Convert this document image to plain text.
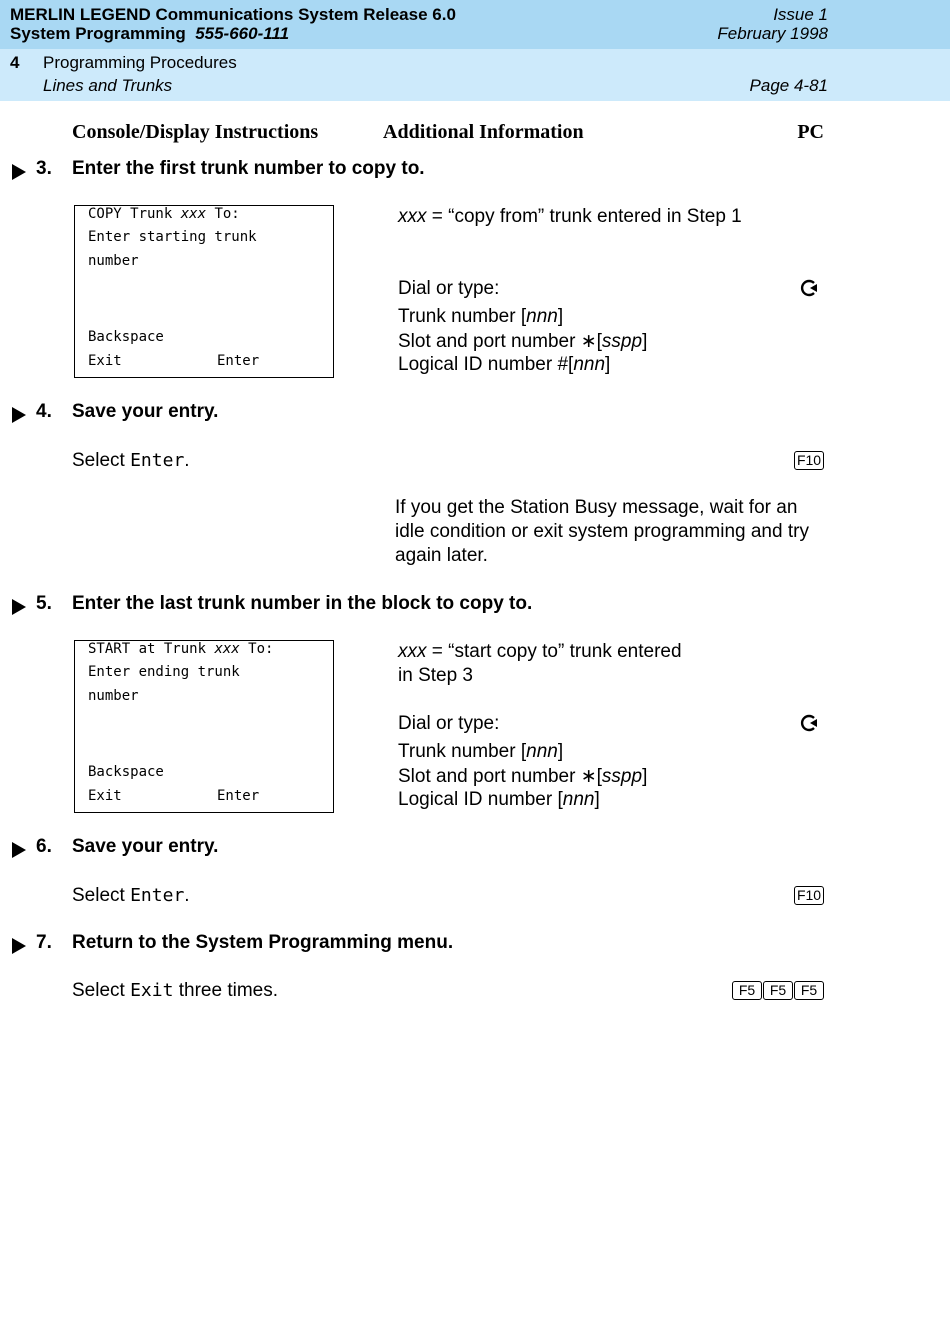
MERLIN LEGEND Communications System Release 6.0
System Programming 555-660-111
Issue 1
February 1998
4 Programming Procedures
Lines and Trunks	Page 4-81
Console/Display Instructions	Additional Information	PC
3. Enter the first trunk number to copy to.
COPY Trunk xxx To:
Enter starting trunk
number
Backspace
Exit	Enter
xxx = “copy from” trunk entered in Step 1
Dial or type:
Trunk number [nnn]
Slot and port number ∗[sspp]
Logical ID number #[nnn]
4. Save your entry.
Select Enter.	F10
If you get the Station Busy message, wait for an
idle condition or exit system programming and try
again later.
5. Enter the last trunk number in the block to copy to.
START at Trunk xxx To:
Enter ending trunk
number
Backspace
Exit	Enter
xxx = “start copy to” trunk entered
in Step 3
Dial or type:
Trunk number [nnn]
Slot and port number ∗[sspp]
Logical ID number [nnn]
6. Save your entry.
Select Enter.	F10
7. Return to the System Programming menu.
Select Exit three times.	F5	F5	F5
